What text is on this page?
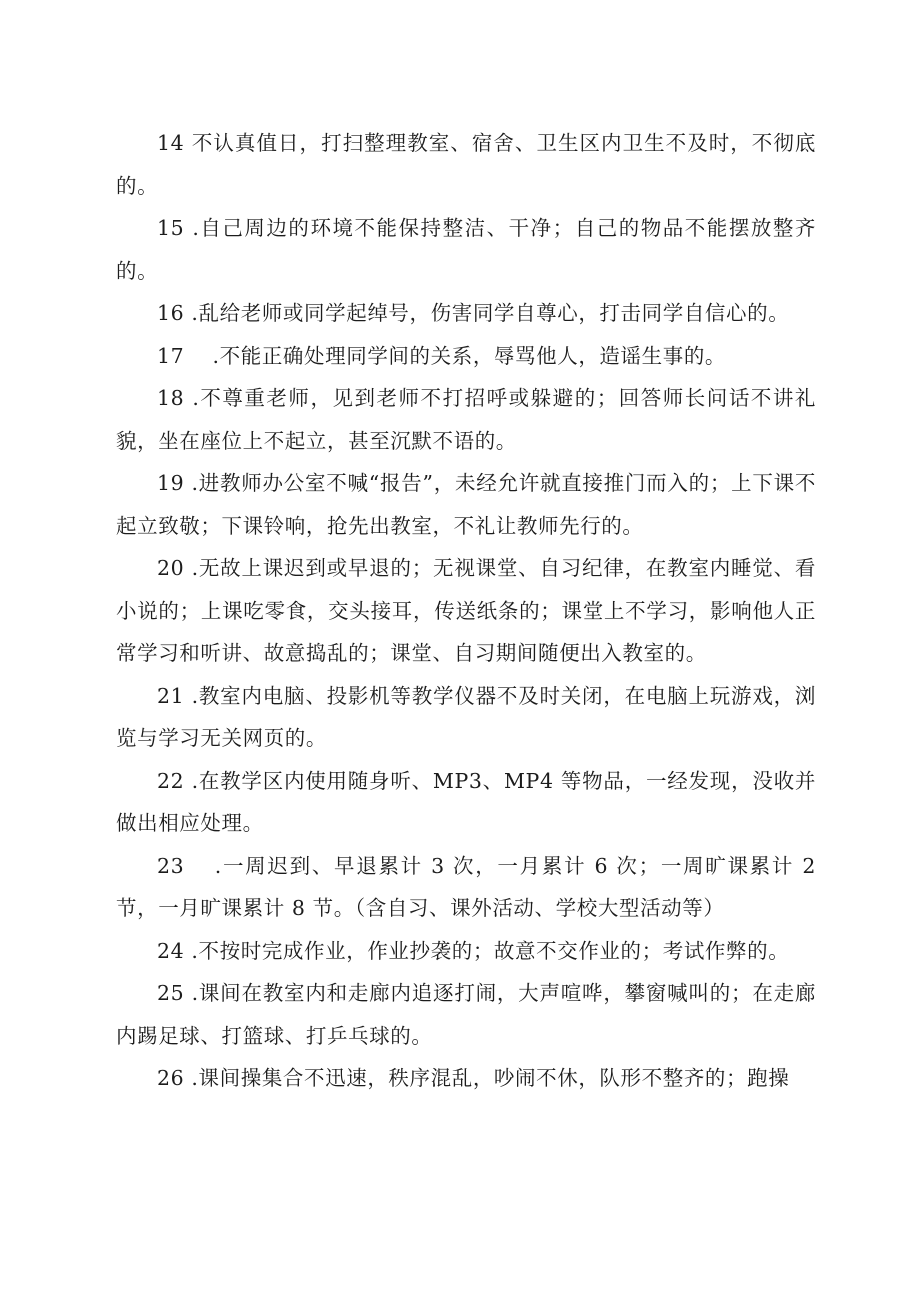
14 不认真值日，打扫整理教室、宿舍、卫生区内卫生不及时，不彻底的。

15 .自己周边的环境不能保持整洁、干净；自己的物品不能摆放整齐的。

16 .乱给老师或同学起绰号，伤害同学自尊心，打击同学自信心的。

17 　.不能正确处理同学间的关系，辱骂他人，造谣生事的。

18 .不尊重老师，见到老师不打招呼或躲避的；回答师长问话不讲礼貌，坐在座位上不起立，甚至沉默不语的。

19 .进教师办公室不喊“报告”，未经允许就直接推门而入的；上下课不起立致敬；下课铃响，抢先出教室，不礼让教师先行的。

20 .无故上课迟到或早退的；无视课堂、自习纪律，在教室内睡觉、看小说的；上课吃零食，交头接耳，传送纸条的；课堂上不学习，影响他人正常学习和听讲、故意捣乱的；课堂、自习期间随便出入教室的。

21 .教室内电脑、投影机等教学仪器不及时关闭，在电脑上玩游戏，浏览与学习无关网页的。

22 .在教学区内使用随身听、MP3、MP4 等物品，一经发现，没收并做出相应处理。

23 　.一周迟到、早退累计 3 次，一月累计 6 次；一周旷课累计 2 节，一月旷课累计 8 节。（含自习、课外活动、学校大型活动等）

24 .不按时完成作业，作业抄袭的；故意不交作业的；考试作弊的。

25 .课间在教室内和走廊内追逐打闹，大声喧哗，攀窗喊叫的；在走廊内踢足球、打篮球、打乒乓球的。

26 .课间操集合不迅速，秩序混乱，吵闹不休，队形不整齐的；跑操
